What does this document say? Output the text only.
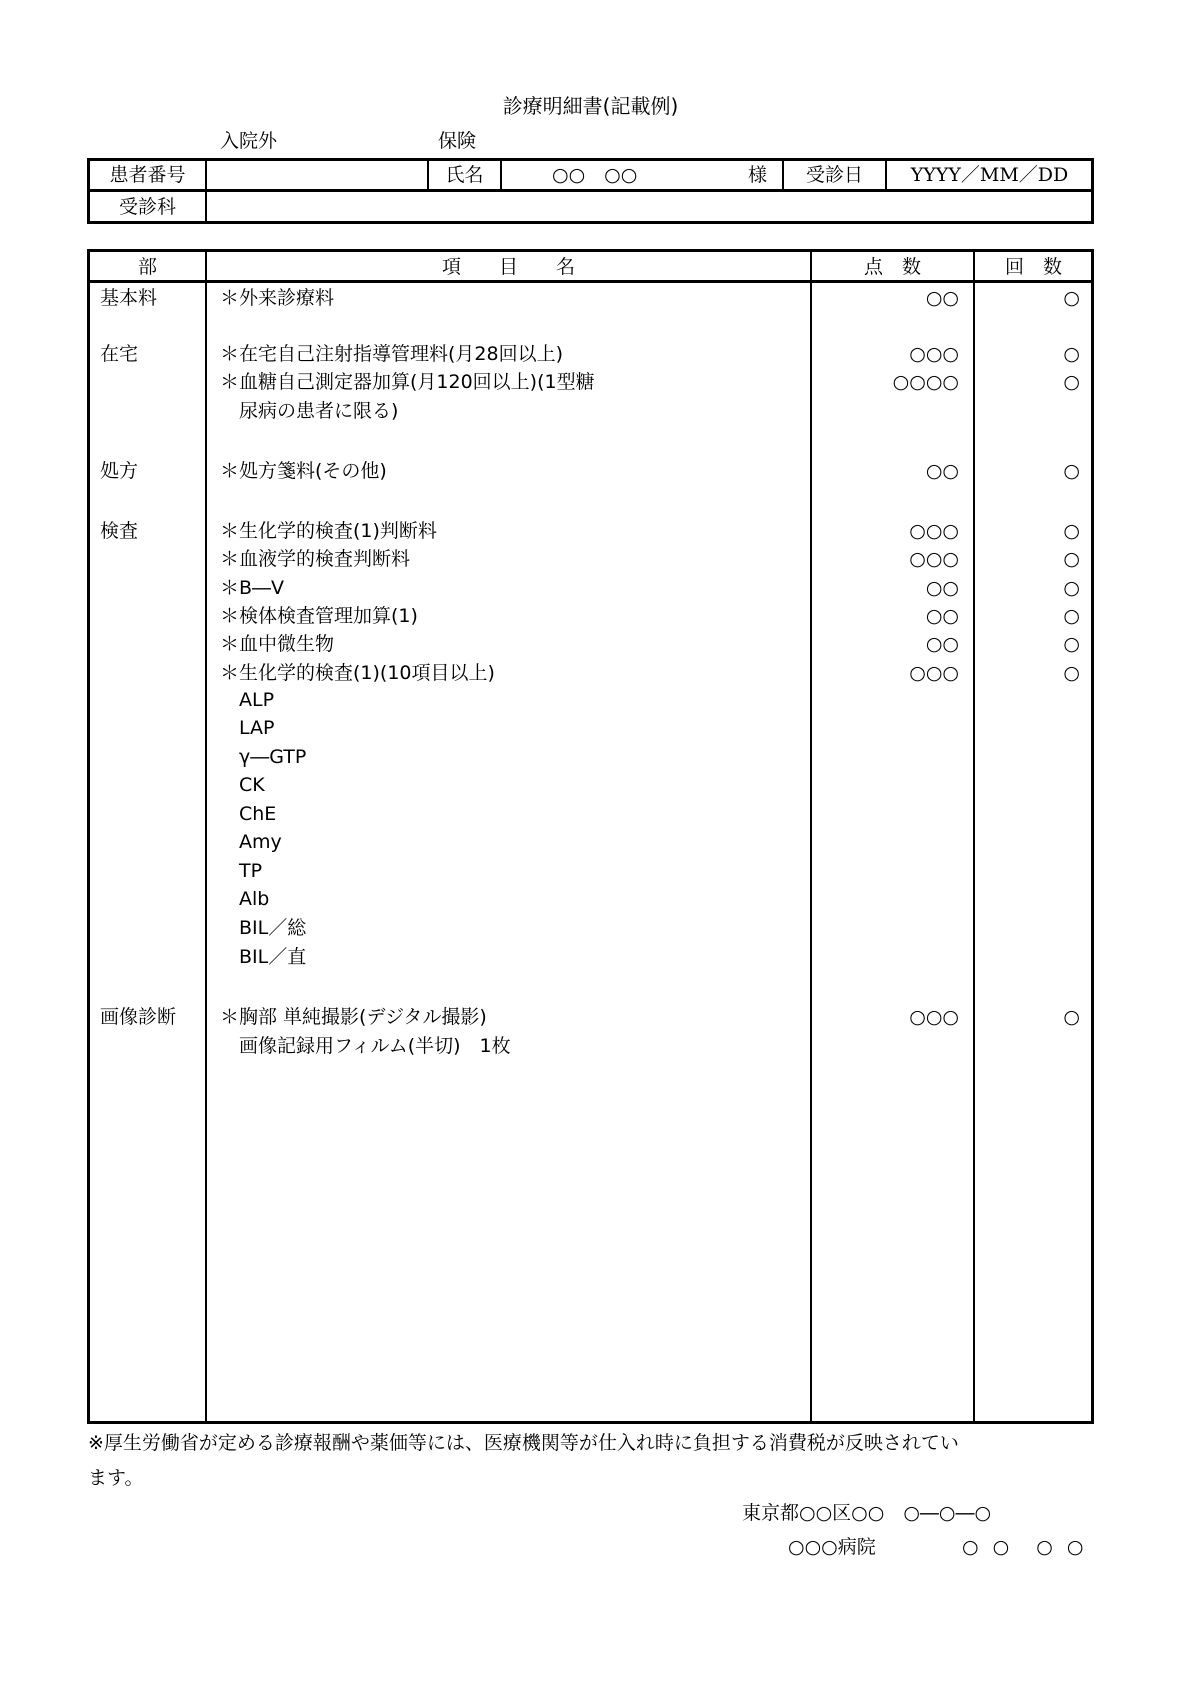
診療明細書(記載例)
入院外	保険
患者番号	氏名	○○　○○	様	受診日	YYYY／MM／DD
受診科
部	項　　目　　名	点　数	回　数
基本料	＊外来診療料	○○	○
在宅	＊在宅自己注射指導管理料(月28回以上)	○○○	○
＊血糖自己測定器加算(月120回以上)(1型糖	○○○○	○
　尿病の患者に限る)
処方	＊処方箋料(その他)	○○	○
検査	＊生化学的検査(1)判断料	○○○	○
＊血液学的検査判断料	○○○	○
＊B―V	○○	○
＊検体検査管理加算(1)	○○	○
＊血中微生物	○○	○
＊生化学的検査(1)(10項目以上)	○○○	○
　ALP
　LAP
　γ―GTP
　CK
　ChE
　Amy
　TP
　Alb
　BIL／総
　BIL／直
画像診断 ＊胸部 単純撮影(デジタル撮影)	○○○	○
　画像記録用フィルム(半切)　1枚
※厚生労働省が定める診療報酬や薬価等には、医療機関等が仕入れ時に負担する消費税が反映されてい
ます。
東京都○○区○○　○―○―○
○○○病院	○ ○　○ ○
